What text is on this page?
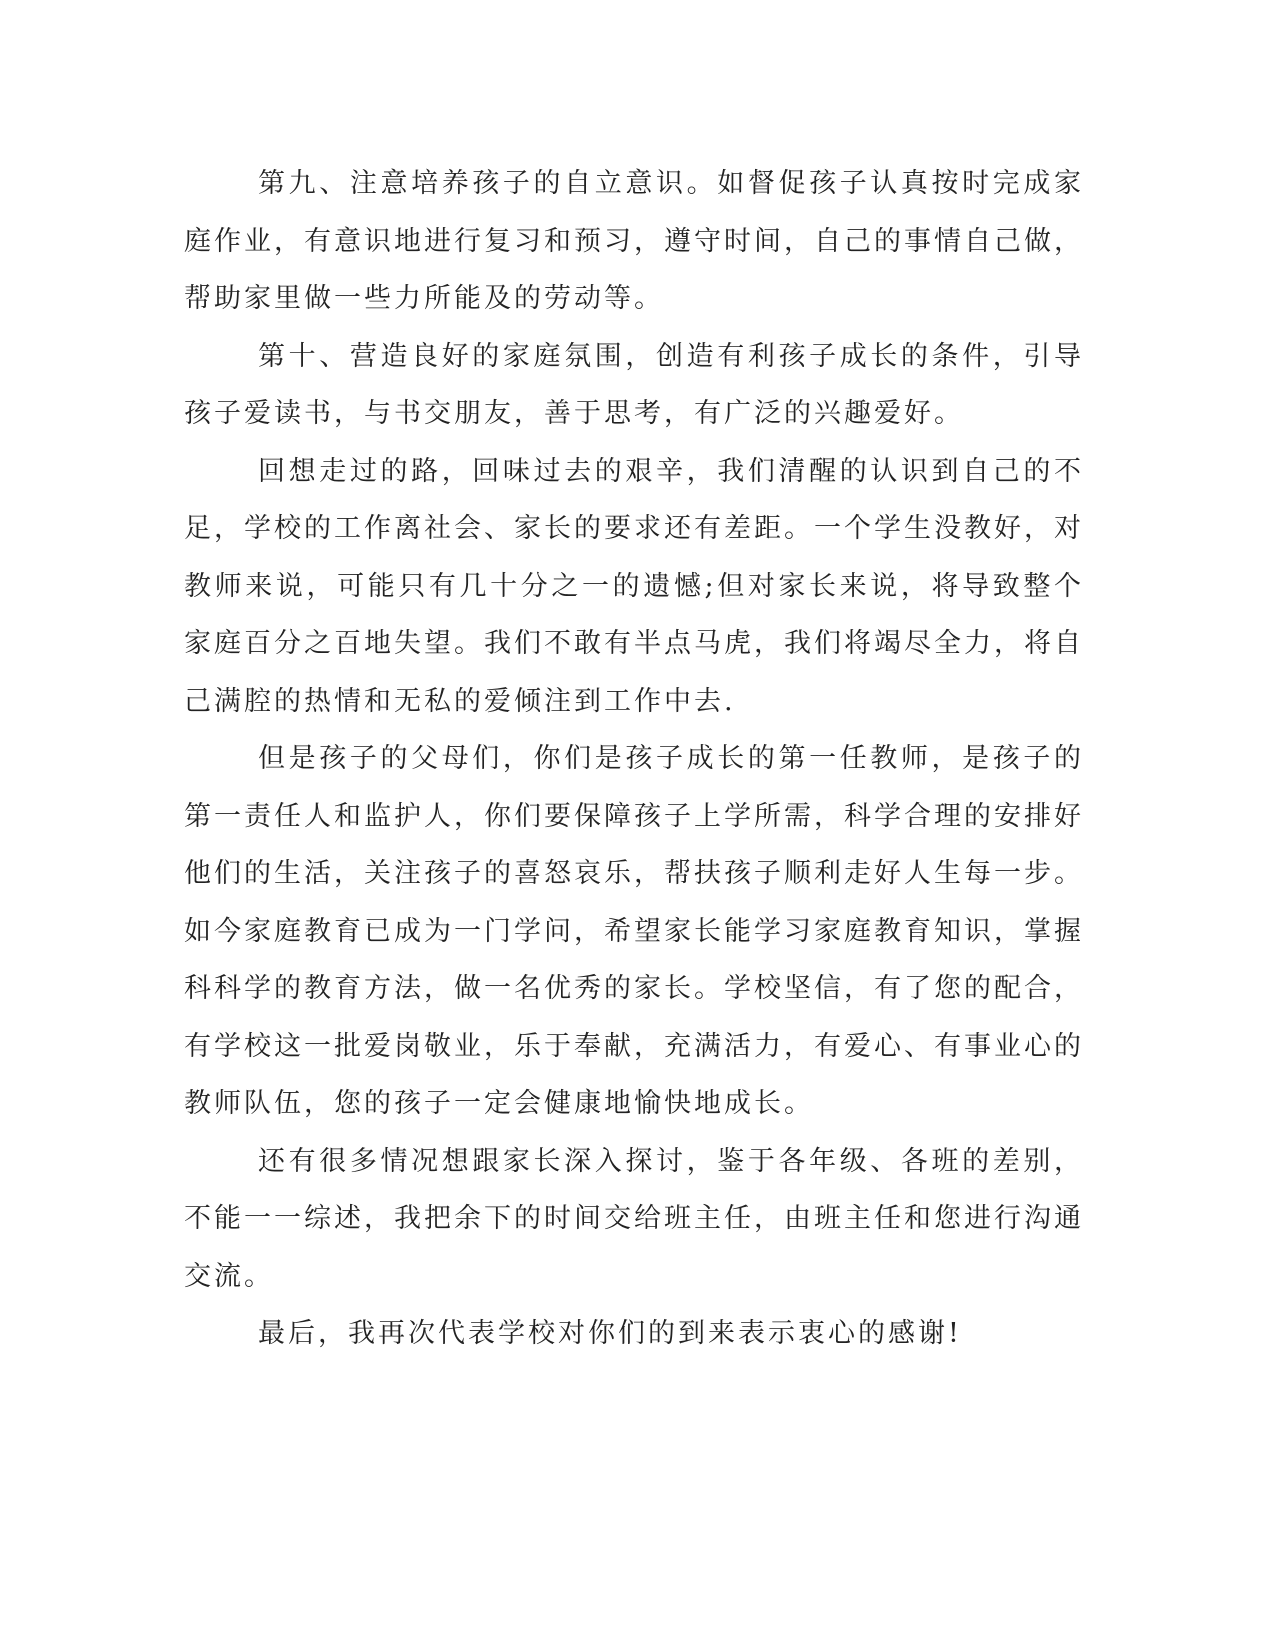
第九、注意培养孩子的自立意识。如督促孩子认真按时完成家庭作业，有意识地进行复习和预习，遵守时间，自己的事情自己做，帮助家里做一些力所能及的劳动等。

第十、营造良好的家庭氛围，创造有利孩子成长的条件，引导孩子爱读书，与书交朋友，善于思考，有广泛的兴趣爱好。

回想走过的路，回味过去的艰辛，我们清醒的认识到自己的不足，学校的工作离社会、家长的要求还有差距。一个学生没教好，对教师来说，可能只有几十分之一的遗憾;但对家长来说，将导致整个家庭百分之百地失望。我们不敢有半点马虎，我们将竭尽全力，将自己满腔的热情和无私的爱倾注到工作中去.

但是孩子的父母们，你们是孩子成长的第一任教师，是孩子的第一责任人和监护人，你们要保障孩子上学所需，科学合理的安排好他们的生活，关注孩子的喜怒哀乐，帮扶孩子顺利走好人生每一步。如今家庭教育已成为一门学问，希望家长能学习家庭教育知识，掌握科科学的教育方法，做一名优秀的家长。学校坚信，有了您的配合，有学校这一批爱岗敬业，乐于奉献，充满活力，有爱心、有事业心的教师队伍，您的孩子一定会健康地愉快地成长。

还有很多情况想跟家长深入探讨，鉴于各年级、各班的差别，不能一一综述，我把余下的时间交给班主任，由班主任和您进行沟通交流。

最后，我再次代表学校对你们的到来表示衷心的感谢!
